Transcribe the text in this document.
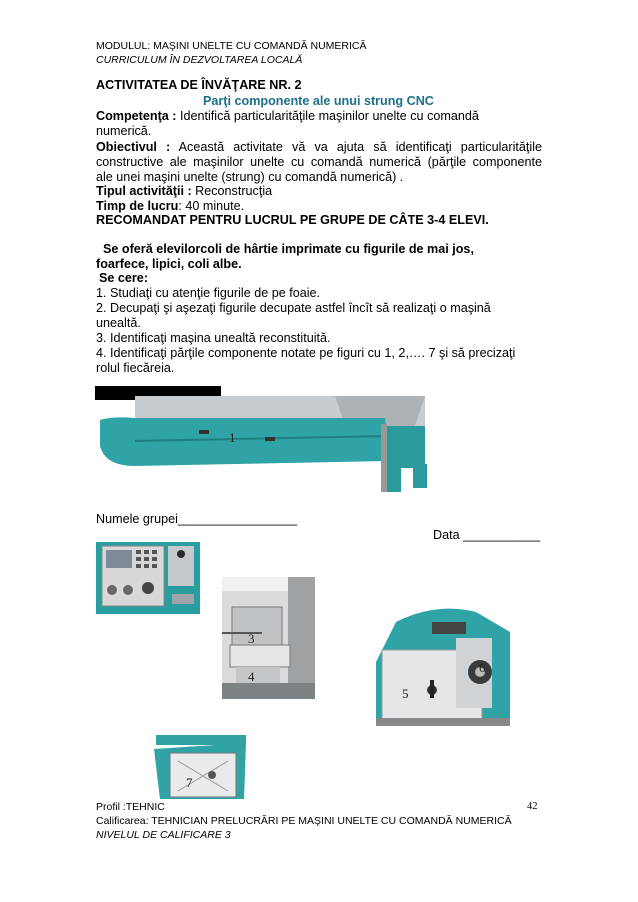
MODULUL: MAŞINI UNELTE CU COMANDĂ NUMERICĂ
CURRICULUM ÎN DEZVOLTAREA LOCALĂ
ACTIVITATEA DE ÎNVĂŢARE NR. 2
Parţi componente ale unui strung CNC
Competenţa : Identifică particularităţile maşinilor unelte cu comandă
numerică.
Obiectivul : Această activitate vă va ajuta să identificaţi particularităţile
constructive ale maşinilor unelte cu comandă numerică (părţile componente
ale unei maşini unelte (strung) cu comandă numerică) .
Tipul activităţii : Reconstrucţia
Timp de lucru: 40 minute.
RECOMANDAT PENTRU LUCRUL PE GRUPE DE CÂTE 3-4 ELEVI.
Se oferă elevilorcoli de hârtie imprimate cu figurile de mai jos,
foarfece, lipici, coli albe.
Se cere:
1. Studiaţi cu atenţie figurile de pe foaie.
2. Decupaţi şi aşezaţi figurile decupate astfel încît să realizaţi o maşină
unealtă.
3. Identificaţi maşina unealtă reconstituită.
4. Identificaţi părţile componente notate pe figuri cu 1, 2,…. 7 şi să precizaţi
rolul fiecăreia.
1
Numele grupei_________________
Data ___________
3
4
6
5
7
Profil :TEHNIC	42
Calificarea: TEHNICIAN PRELUCRĂRI PE MAŞINI UNELTE CU COMANDĂ NUMERICĂ
NIVELUL DE CALIFICARE 3
